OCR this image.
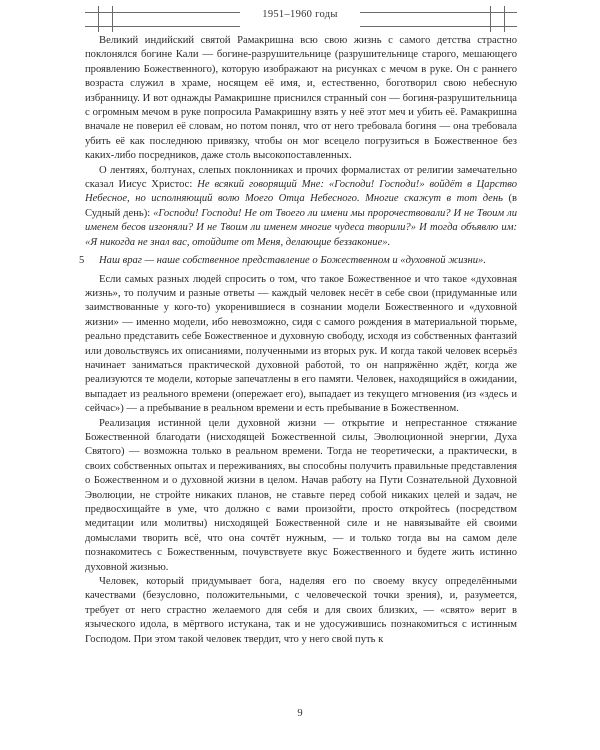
1951–1960 годы

Великий индийский святой Рамакришна всю свою жизнь с самого детства страстно поклонялся богине Кали — богине-разрушительнице (разрушительнице старого, мешающего проявлению Божественного), которую изображают на рисунках с мечом в руке. Он с раннего возраста служил в храме, носящем её имя, и, естественно, боготворил свою небесную избранницу. И вот однажды Рамакришне приснился странный сон — богиня-разрушительница с огромным мечом в руке попросила Рамакришну взять у неё этот меч и убить её. Рамакришна вначале не поверил её словам, но потом понял, что от него требовала богиня — она требовала убить её как последнюю привязку, чтобы он мог всецело погрузиться в Божественное без каких-либо посредников, даже столь высокопоставленных.

О лентяях, болтунах, слепых поклонниках и прочих формалистах от религии замечательно сказал Иисус Христос: Не всякий говорящий Мне: «Господи! Господи!» войдёт в Царство Небесное, но исполняющий волю Моего Отца Небесного. Многие скажут в тот день (в Судный день): «Господи! Господи! Не от Твоего ли имени мы пророчествовали? И не Твоим ли именем бесов изгоняли? И не Твоим ли именем многие чудеса творили?» И тогда объявлю им: «Я никогда не знал вас, отойдите от Меня, делающие беззаконие».

5 Наш враг — наше собственное представление о Божественном и «духовной жизни».

Если самых разных людей спросить о том, что такое Божественное и что такое «духовная жизнь», то получим и разные ответы — каждый человек несёт в себе свои (придуманные или заимствованные у кого-то) укоренившиеся в сознании модели Божественного и «духовной жизни» — именно модели, ибо невозможно, сидя с самого рождения в материальной тюрьме, реально представить себе Божественное и духовную свободу, исходя из собственных фантазий или довольствуясь их описаниями, полученными из вторых рук. И когда такой человек всерьёз начинает заниматься практической духовной работой, то он напряжённо ждёт, когда же реализуются те модели, которые запечатлены в его памяти. Человек, находящийся в ожидании, выпадает из реального времени (опережает его), выпадает из текущего мгновения (из «здесь и сейчас») — а пребывание в реальном времени и есть пребывание в Божественном.

Реализация истинной цели духовной жизни — открытие и непрестанное стяжание Божественной благодати (нисходящей Божественной силы, Эволюционной энергии, Духа Святого) — возможна только в реальном времени. Тогда не теоретически, а практически, в своих собственных опытах и переживаниях, вы способны получить правильные представления о Божественном и о духовной жизни в целом. Начав работу на Пути Сознательной Духовной Эволюции, не стройте никаких планов, не ставьте перед собой никаких целей и задач, не предвосхищайте в уме, что должно с вами произойти, просто откройтесь (посредством медитации или молитвы) нисходящей Божественной силе и не навязывайте ей своими домыслами творить всё, что она сочтёт нужным, — и только тогда вы на самом деле познакомитесь с Божественным, почувствуете вкус Божественного и будете жить истинно духовной жизнью.

Человек, который придумывает бога, наделяя его по своему вкусу определёнными качествами (безусловно, положительными, с человеческой точки зрения), и, разумеется, требует от него страстно желаемого для себя и для своих близких, — «свято» верит в языческого идола, в мёртвого истукана, так и не удосужившись познакомиться с истинным Господом. При этом такой человек твердит, что у него свой путь к

9
